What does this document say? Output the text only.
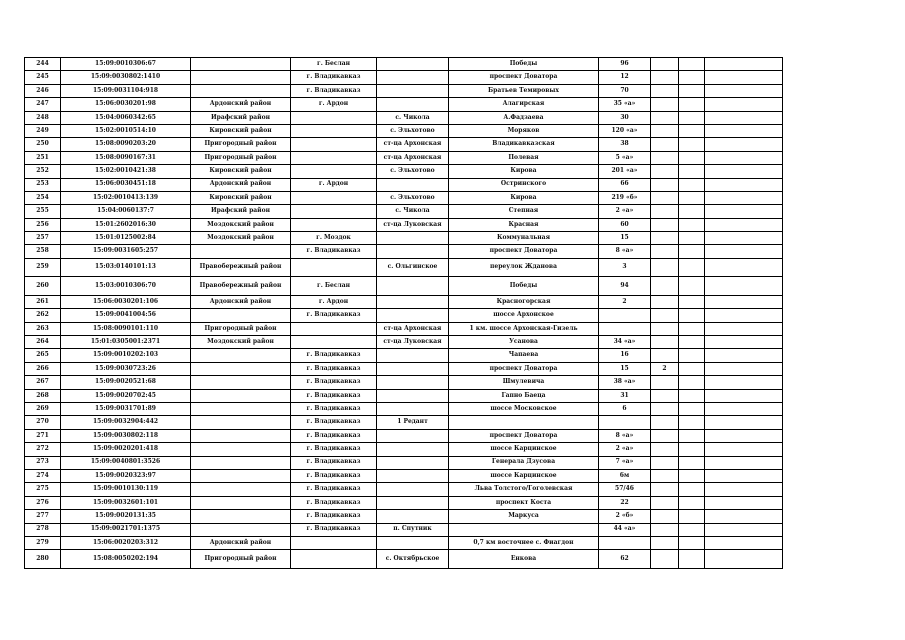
244	15:09:0010306:67		г. Беслан		Победы	96			
245	15:09:0030802:1410		г. Владикавказ		проспект Доватора	12			
246	15:09:0031104:918		г. Владикавказ		Братьев Темировых	70			
247	15:06:0030201:98	Ардонский район	г. Ардон		Алагирская	35 «а»			
248	15:04:0060342:65	Ирафский район		с. Чикола	А.Фадзаева	30			
249	15:02:0010514:10	Кировский район		с. Эльхотово	Моряков	120 «а»			
250	15:08:0090203:20	Пригородный район		ст-ца Архонская	Владикавказская	38			
251	15:08:0090167:31	Пригородный район		ст-ца Архонская	Полевая	5 «а»			
252	15:02:0010421:38	Кировский район		с. Эльхотово	Кирова	201 «а»			
253	15:06:0030451:18	Ардонский район	г. Ардон		Остринского	66			
254	15:02:0010413:139	Кировский район		с. Эльхотово	Кирова	219 «б»			
255	15:04:0060137:7	Ирафский район		с. Чикола	Степная	2 «а»			
256	15:01:2602016:30	Моздокский район		ст-ца Луковская	Красная	60			
257	15:01:0125002:84	Моздокский район	г. Моздок		Коммунальная	15			
258	15:09:0031605:257		г. Владикавказ		проспект Доватора	8 «а»			
259	15:03:0140101:13	Правобережный район		с. Ольгинское	переулок Ждановa	3			
260	15:03:0010306:70	Правобережный район	г. Беслан		Победы	94			
261	15:06:0030201:106	Ардонский район	г. Ардон		Красногорская	2			
262	15:09:0041004:56		г. Владикавказ		шоссе Архонское				
263	15:08:0090101:110	Пригородный район		ст-ца Архонская	1 км. шоссе Архонская-Гизель				
264	15:01:0305001:2371	Моздокский район		ст-ца Луковская	Усанова	34 «а»			
265	15:09:0010202:103		г. Владикавказ		Чапаева	16			
266	15:09:0030723:26		г. Владикавказ		проспект Доватора	15	2		
267	15:09:0020521:68		г. Владикавказ		Шмулевича	38 «а»			
268	15:09:0020702:45		г. Владикавказ		Гапно Баеца	31			
269	15:09:0031701:89		г. Владикавказ		шоссе Московское	6			
270	15:09:0032904:442		г. Владикавказ	1 Редант					
271	15:09:0030802:118		г. Владикавказ		проспект Доватора	8 «а»			
272	15:09:0020201:418		г. Владикавказ		шоссе Карцинское	2 «а»			
273	15:09:0040801:3526		г. Владикавказ		Генерала Дзусова	7 «а»			
274	15:09:0020323:97		г. Владикавказ		шоссе Карцинское	6м			
275	15:09:0010130:119		г. Владикавказ		Льва Толстого/Гоголевская	57/46			
276	15:09:0032601:101		г. Владикавказ		проспект Коста	22			
277	15:09:0020131:35		г. Владикавказ		Маркуса	2 «б»			
278	15:09:0021701:1375		г. Владикавказ	п. Спутник		44 «а»			
279	15:06:0020203:312	Ардонский район			0,7 км восточнее с. Фиагдон				
280	15:08:0050202:194	Пригородный район		с. Октябрьское	Енкова	62			
